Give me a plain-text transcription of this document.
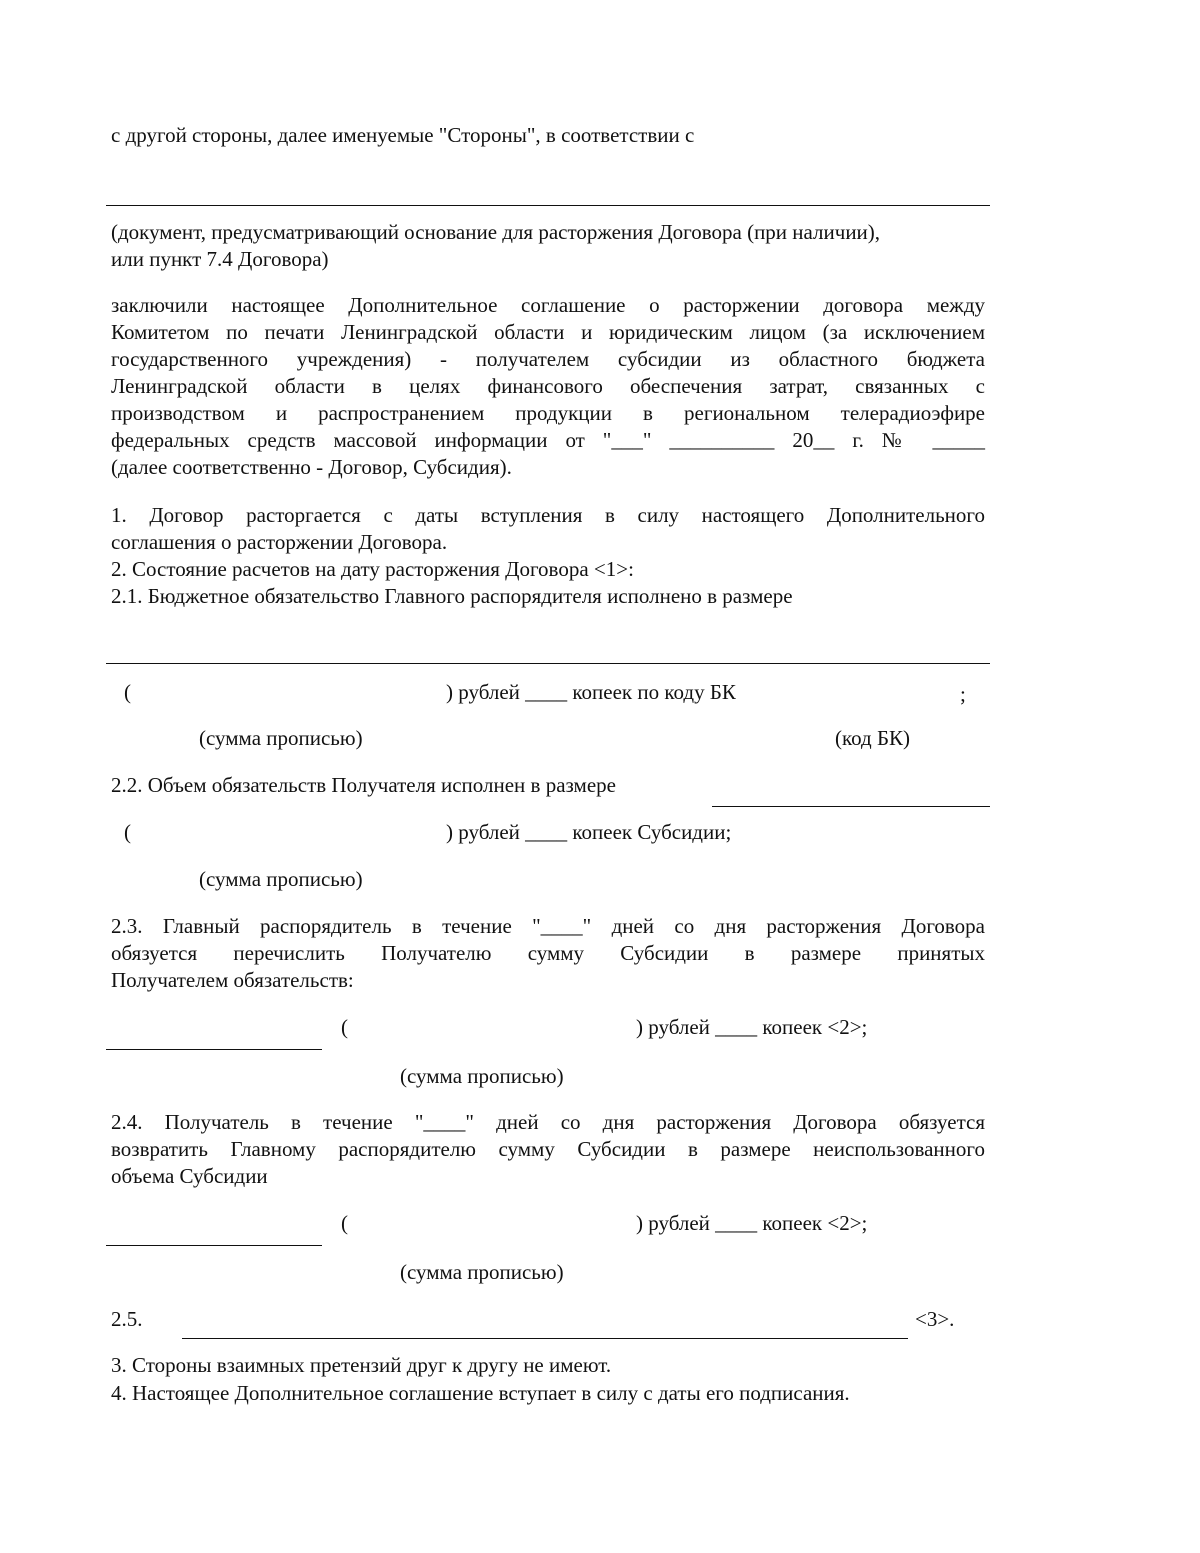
с другой стороны, далее именуемые "Стороны", в соответствии с
(документ, предусматривающий основание для расторжения Договора (при наличии),
или пункт 7.4 Договора)
заключили настоящее Дополнительное соглашение о расторжении договора между
Комитетом по печати Ленинградской области и юридическим лицом (за исключением
государственного учреждения) - получателем субсидии из областного бюджета
Ленинградской области в целях финансового обеспечения затрат, связанных с
производством и распространением продукции в региональном телерадиоэфире
федеральных средств массовой информации от "___" __________ 20__ г. № _____
(далее соответственно - Договор, Субсидия).
1. Договор расторгается с даты вступления в силу настоящего Дополнительного
соглашения о расторжении Договора.
2. Состояние расчетов на дату расторжения Договора <1>:
2.1. Бюджетное обязательство Главного распорядителя исполнено в размере
(	) рублей ____ копеек по коду БК	;
(сумма прописью)	(код БК)
2.2. Объем обязательств Получателя исполнен в размере
(	) рублей ____ копеек Субсидии;
(сумма прописью)
2.3. Главный распорядитель в течение "____" дней со дня расторжения Договора
обязуется перечислить Получателю сумму Субсидии в размере принятых
Получателем обязательств:
(	) рублей ____ копеек <2>;
(сумма прописью)
2.4. Получатель в течение "____" дней со дня расторжения Договора обязуется
возвратить Главному распорядителю сумму Субсидии в размере неиспользованного
объема Субсидии
(	) рублей ____ копеек <2>;
(сумма прописью)
2.5.	<3>.
3. Стороны взаимных претензий друг к другу не имеют.
4. Настоящее Дополнительное соглашение вступает в силу с даты его подписания.
